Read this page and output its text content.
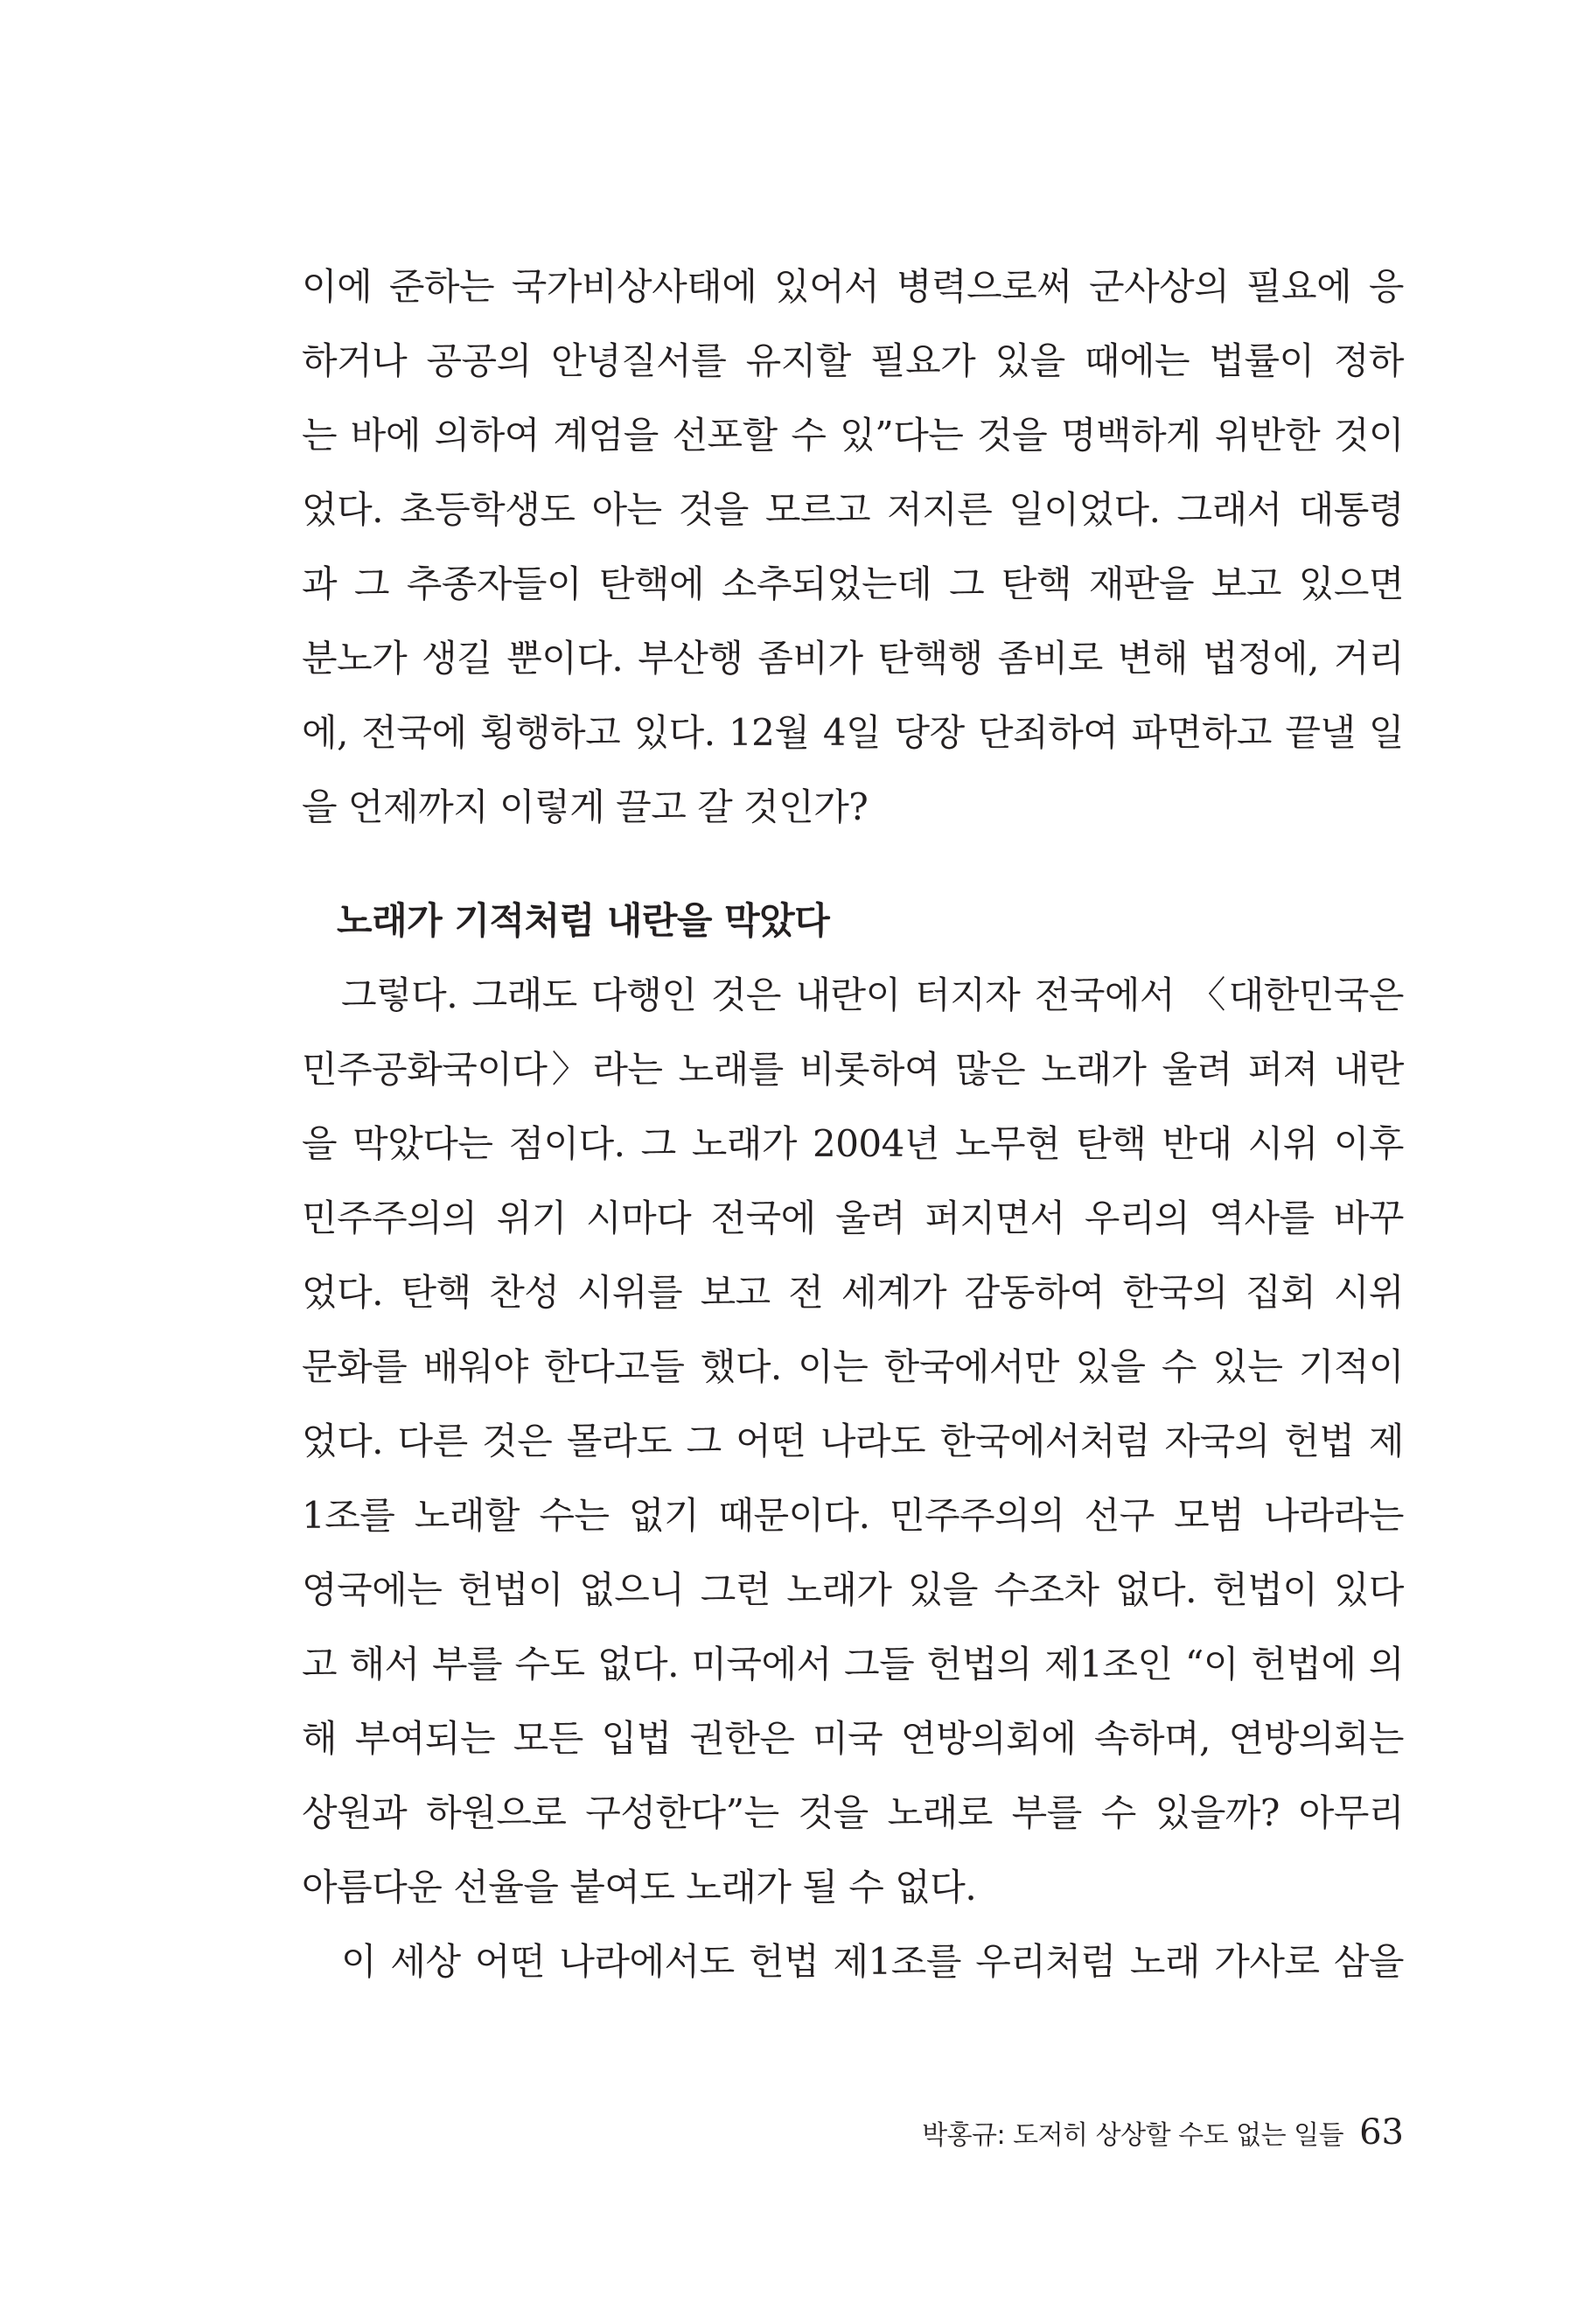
이에 준하는 국가비상사태에 있어서 병력으로써 군사상의 필요에 응
하거나 공공의 안녕질서를 유지할 필요가 있을 때에는 법률이 정하
는 바에 의하여 계엄을 선포할 수 있”다는 것을 명백하게 위반한 것이
었다. 초등학생도 아는 것을 모르고 저지른 일이었다. 그래서 대통령
과 그 추종자들이 탄핵에 소추되었는데 그 탄핵 재판을 보고 있으면
분노가 생길 뿐이다. 부산행 좀비가 탄핵행 좀비로 변해 법정에, 거리
에, 전국에 횡행하고 있다. 12월 4일 당장 단죄하여 파면하고 끝낼 일
을 언제까지 이렇게 끌고 갈 것인가?
노래가 기적처럼 내란을 막았다
그렇다. 그래도 다행인 것은 내란이 터지자 전국에서 〈대한민국은
민주공화국이다〉라는 노래를 비롯하여 많은 노래가 울려 퍼져 내란
을 막았다는 점이다. 그 노래가 2004년 노무현 탄핵 반대 시위 이후
민주주의의 위기 시마다 전국에 울려 퍼지면서 우리의 역사를 바꾸
었다. 탄핵 찬성 시위를 보고 전 세계가 감동하여 한국의 집회 시위
문화를 배워야 한다고들 했다. 이는 한국에서만 있을 수 있는 기적이
었다. 다른 것은 몰라도 그 어떤 나라도 한국에서처럼 자국의 헌법 제
1조를 노래할 수는 없기 때문이다. 민주주의의 선구 모범 나라라는
영국에는 헌법이 없으니 그런 노래가 있을 수조차 없다. 헌법이 있다
고 해서 부를 수도 없다. 미국에서 그들 헌법의 제1조인 “이 헌법에 의
해 부여되는 모든 입법 권한은 미국 연방의회에 속하며, 연방의회는
상원과 하원으로 구성한다”는 것을 노래로 부를 수 있을까? 아무리
아름다운 선율을 붙여도 노래가 될 수 없다.
이 세상 어떤 나라에서도 헌법 제1조를 우리처럼 노래 가사로 삼을
박홍규: 도저히 상상할 수도 없는 일들 63
